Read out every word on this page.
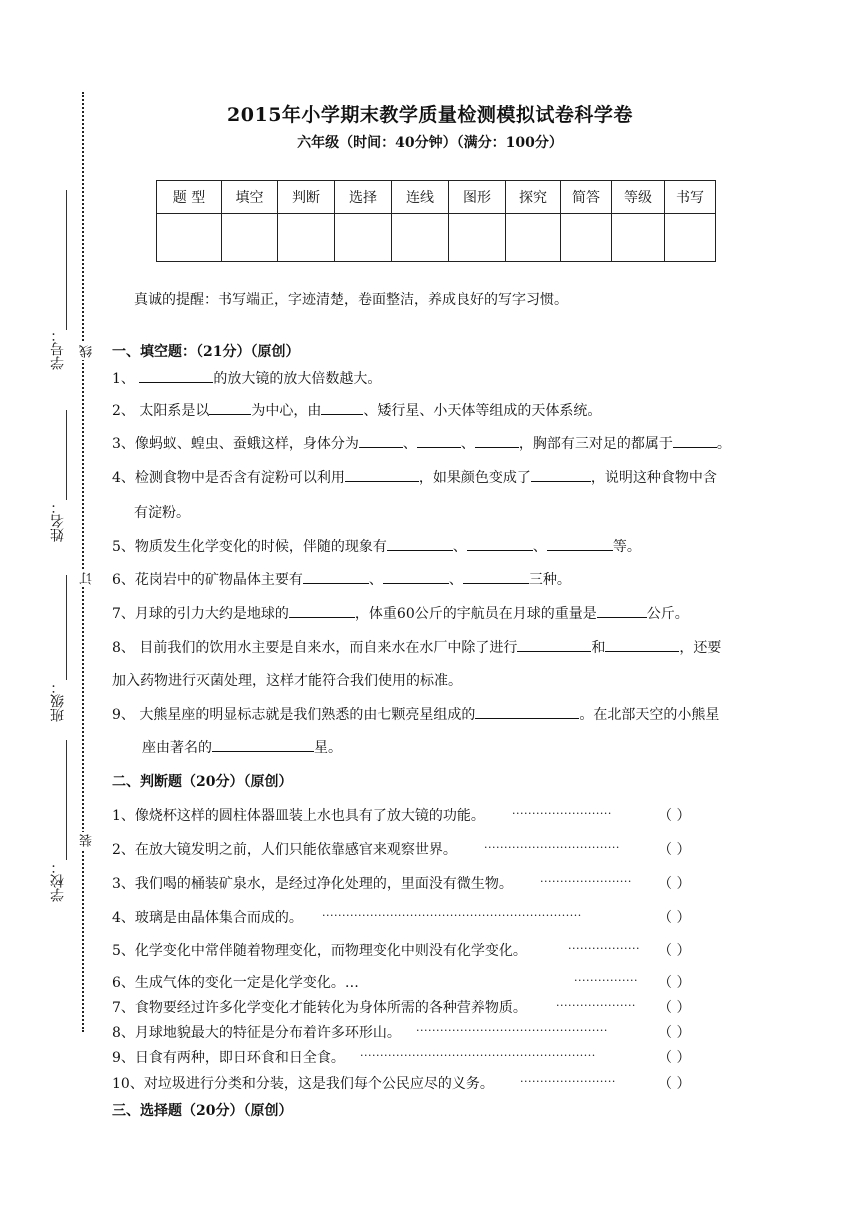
学号：
姓名：
班级：
学校：
线
订
装
2015年小学期末教学质量检测模拟试卷科学卷
六年级（时间：40分钟）（满分：100分）
题 型	填空	判断	选择	连线	图形	探究	简答	等级	书写

真诚的提醒：书写端正，字迹清楚，卷面整洁，养成良好的写字习惯。
一、填空题：（21分）（原创）
1、	的放大镜的放大倍数越大。
2、 太阳系是以	为中心，由	、矮行星、小天体等组成的天体系统。
3、像蚂蚁、蝗虫、蚕蛾这样，身体分为	、	、	，胸部有三对足的都属于	。
4、检测食物中是否含有淀粉可以利用	，如果颜色变成了	，说明这种食物中含
有淀粉。
5、物质发生化学变化的时候，伴随的现象有	、	、	等。
6、花岗岩中的矿物晶体主要有	、	、	三种。
7、月球的引力大约是地球的	，体重60公斤的宇航员在月球的重量是	公斤。
8、 目前我们的饮用水主要是自来水，而自来水在水厂中除了进行	和	，还要
加入药物进行灭菌处理，这样才能符合我们使用的标准。
9、 大熊星座的明显标志就是我们熟悉的由七颗亮星组成的	。在北部天空的小熊星
座由著名的	星。
二、判断题（20分）（原创）
1、像烧杯这样的圆柱体器皿装上水也具有了放大镜的功能。 ·························	（ ）
2、在放大镜发明之前，人们只能依靠感官来观察世界。 ··································	（ ）
3、我们喝的桶装矿泉水，是经过净化处理的，里面没有微生物。 ·······················	（ ）
4、玻璃是由晶体集合而成的。 ·································································	（ ）
5、化学变化中常伴随着物理变化，而物理变化中则没有化学变化。	··················	（ ）
6、生成气体的变化一定是化学变化。…	················	（ ）
7、食物要经过许多化学变化才能转化为身体所需的各种营养物质。	····················	（ ）
8、月球地貌最大的特征是分布着许多环形山。 ················································	（ ）
9、日食有两种，即日环食和日全食。 ···························································	（ ）
10、对垃圾进行分类和分装，这是我们每个公民应尽的义务。 ························	（ ）
三、选择题（20分）（原创）
